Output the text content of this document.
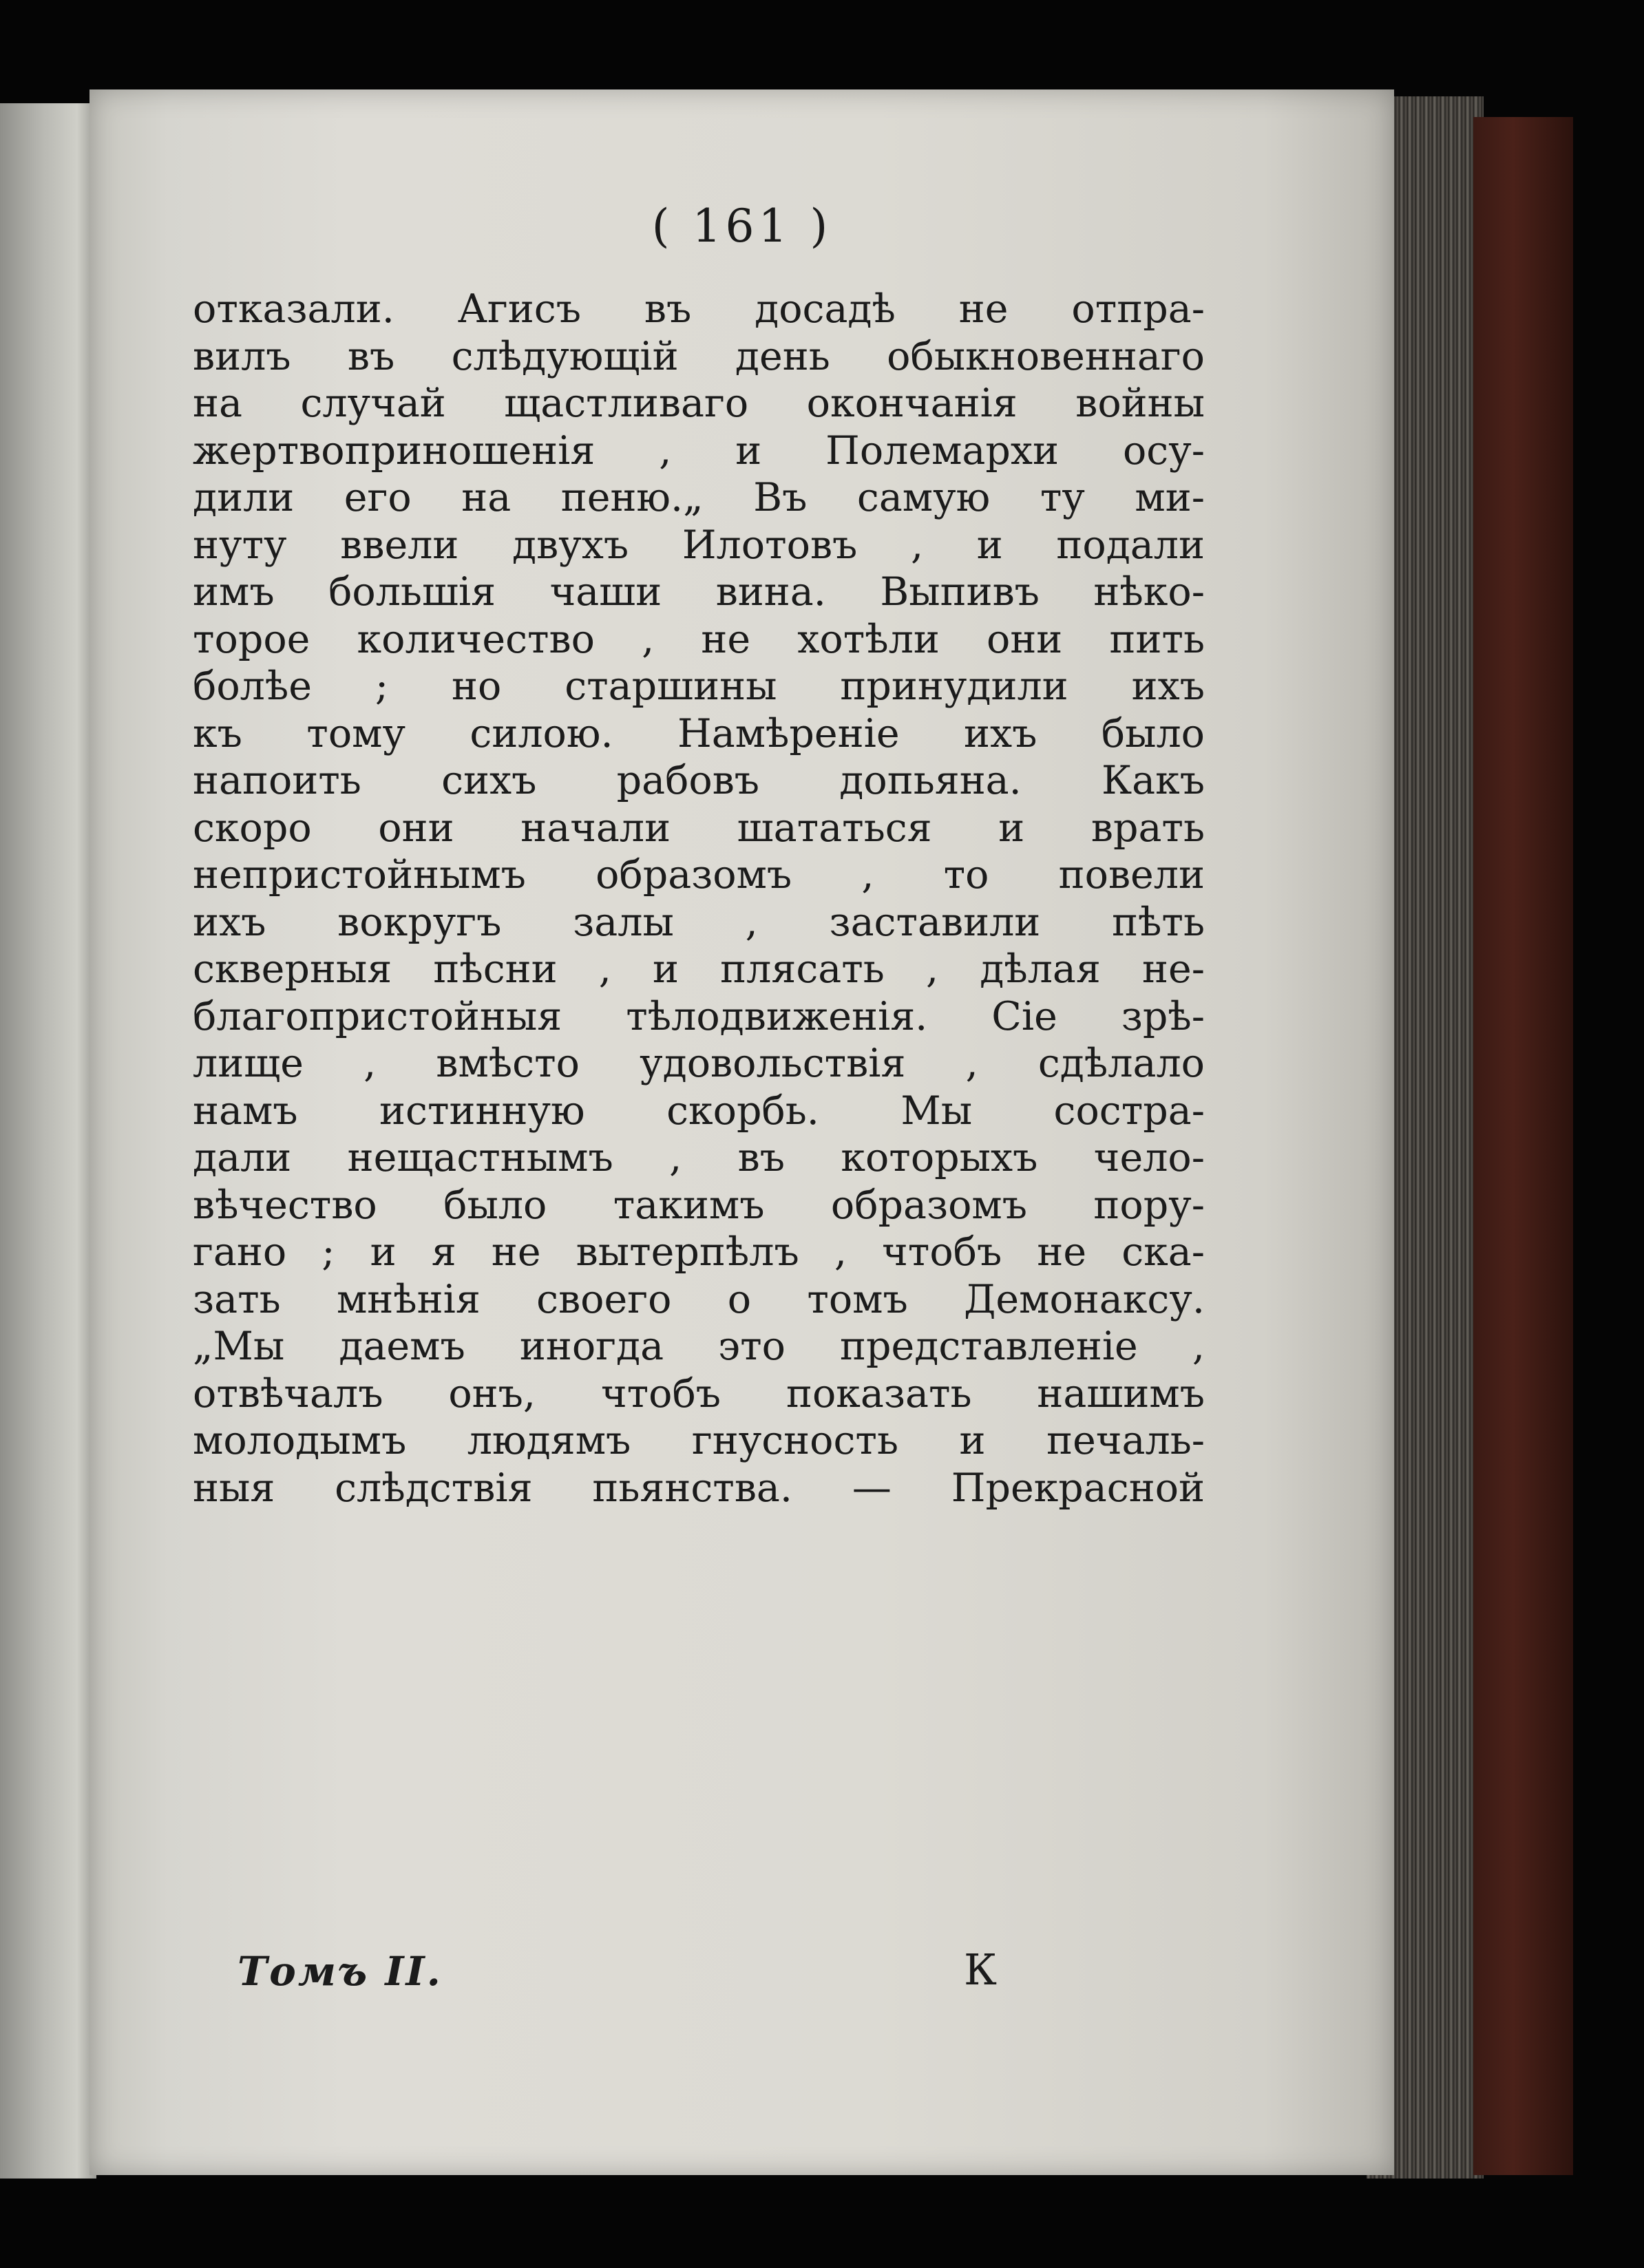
( 161 )
откaзaли. Агисъ въ досадѣ не отпра-
вилъ въ слѣдующій день обыкновеннаго
на случай щастливаго окончанія войны
жертвоприношенія , и Полемархи осу-
дили его на пеню.„ Въ самую ту ми-
нуту ввели двухъ Илотовъ , и подали
имъ большія чаши вина. Выпивъ нѣко-
торое количество , не хотѣли они пить
болѣе ; но старшины принудили ихъ
къ тому силою. Намѣреніе ихъ было
напоить сихъ рабовъ допьяна. Какъ
скоро они начали шататься и врать
непристойнымъ образомъ , то повели
ихъ вокругъ залы , заставили пѣть
скверныя пѣсни , и плясать , дѣлая не-
благопристойныя тѣлодвиженія. Сіе зрѣ-
лище , вмѣсто удовольствія , сдѣлало
намъ истинную скорбь. Мы сострa-
дали нещастнымъ , въ которыхъ чело-
вѣчество было такимъ образомъ пору-
гано ; и я не вытерпѣлъ , чтобъ не ска-
зать мнѣнія своего о томъ Демонаксу.
„Мы даемъ иногда это представленіе ,
отвѣчалъ онъ, чтобъ показать нашимъ
молодымъ людямъ гнусность и печаль-
ныя слѣдствія пьянства. — Прекрасной
Томъ II.	К
